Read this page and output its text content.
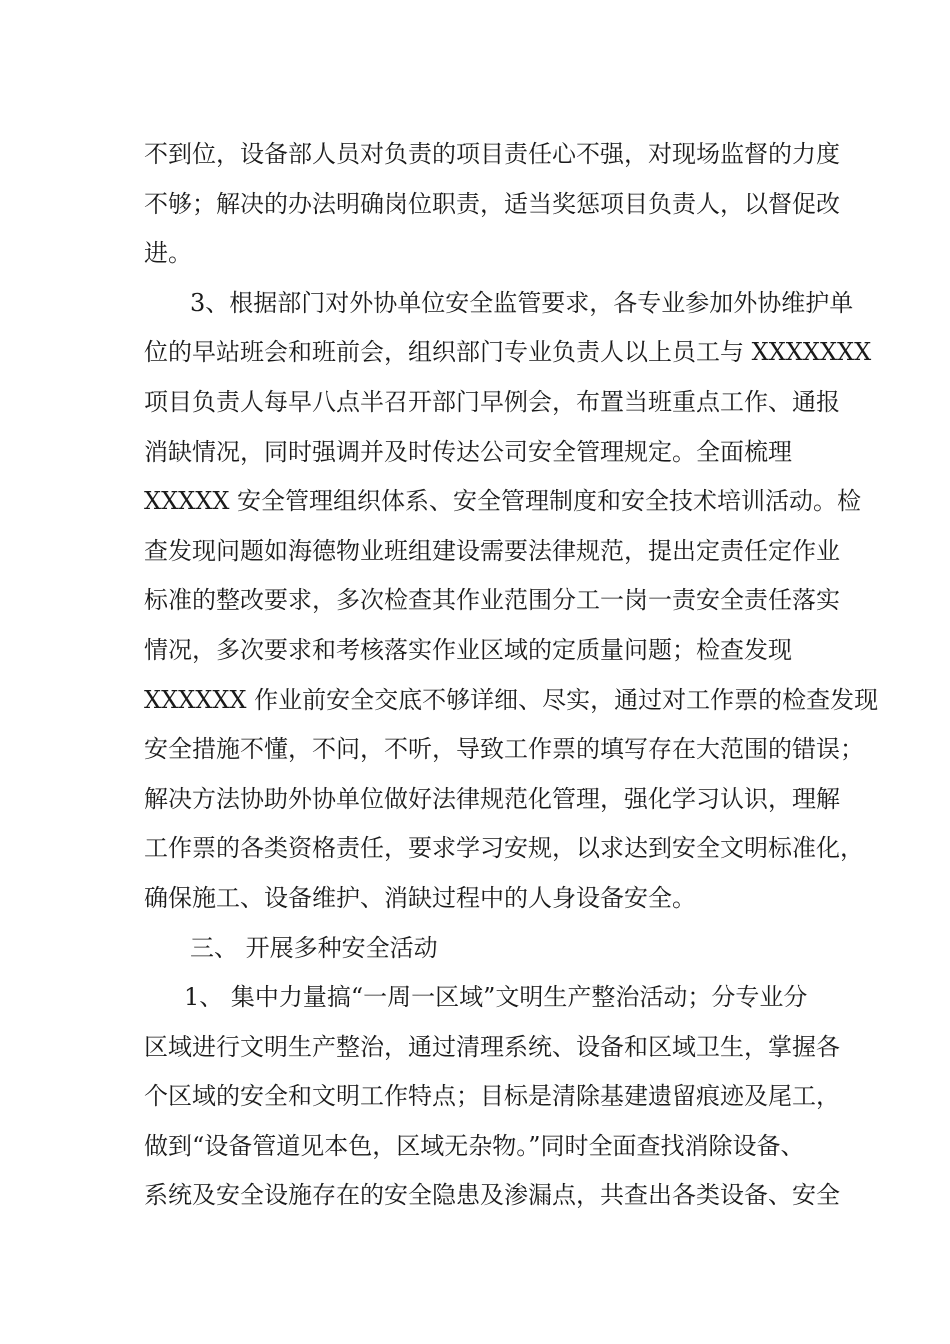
不到位，设备部人员对负责的项目责任心不强，对现场监督的力度
不够；解决的办法明确岗位职责，适当奖惩项目负责人，以督促改
进。
3、根据部门对外协单位安全监管要求，各专业参加外协维护单
位的早站班会和班前会，组织部门专业负责人以上员工与 XXXXXXX
项目负责人每早八点半召开部门早例会，布置当班重点工作、通报
消缺情况，同时强调并及时传达公司安全管理规定。全面梳理
XXXXX 安全管理组织体系、安全管理制度和安全技术培训活动。检
查发现问题如海德物业班组建设需要法律规范，提出定责任定作业
标准的整改要求，多次检查其作业范围分工一岗一责安全责任落实
情况，多次要求和考核落实作业区域的定质量问题；检查发现
XXXXXX 作业前安全交底不够详细、尽实，通过对工作票的检查发现
安全措施不懂，不问，不听，导致工作票的填写存在大范围的错误；
解决方法协助外协单位做好法律规范化管理，强化学习认识，理解
工作票的各类资格责任，要求学习安规，以求达到安全文明标准化，
确保施工、设备维护、消缺过程中的人身设备安全。
三、 开展多种安全活动
1、 集中力量搞“一周一区域”文明生产整治活动；分专业分
区域进行文明生产整治，通过清理系统、设备和区域卫生，掌握各
个区域的安全和文明工作特点；目标是清除基建遗留痕迹及尾工，
做到“设备管道见本色，区域无杂物。”同时全面查找消除设备、
系统及安全设施存在的安全隐患及渗漏点，共查出各类设备、安全
